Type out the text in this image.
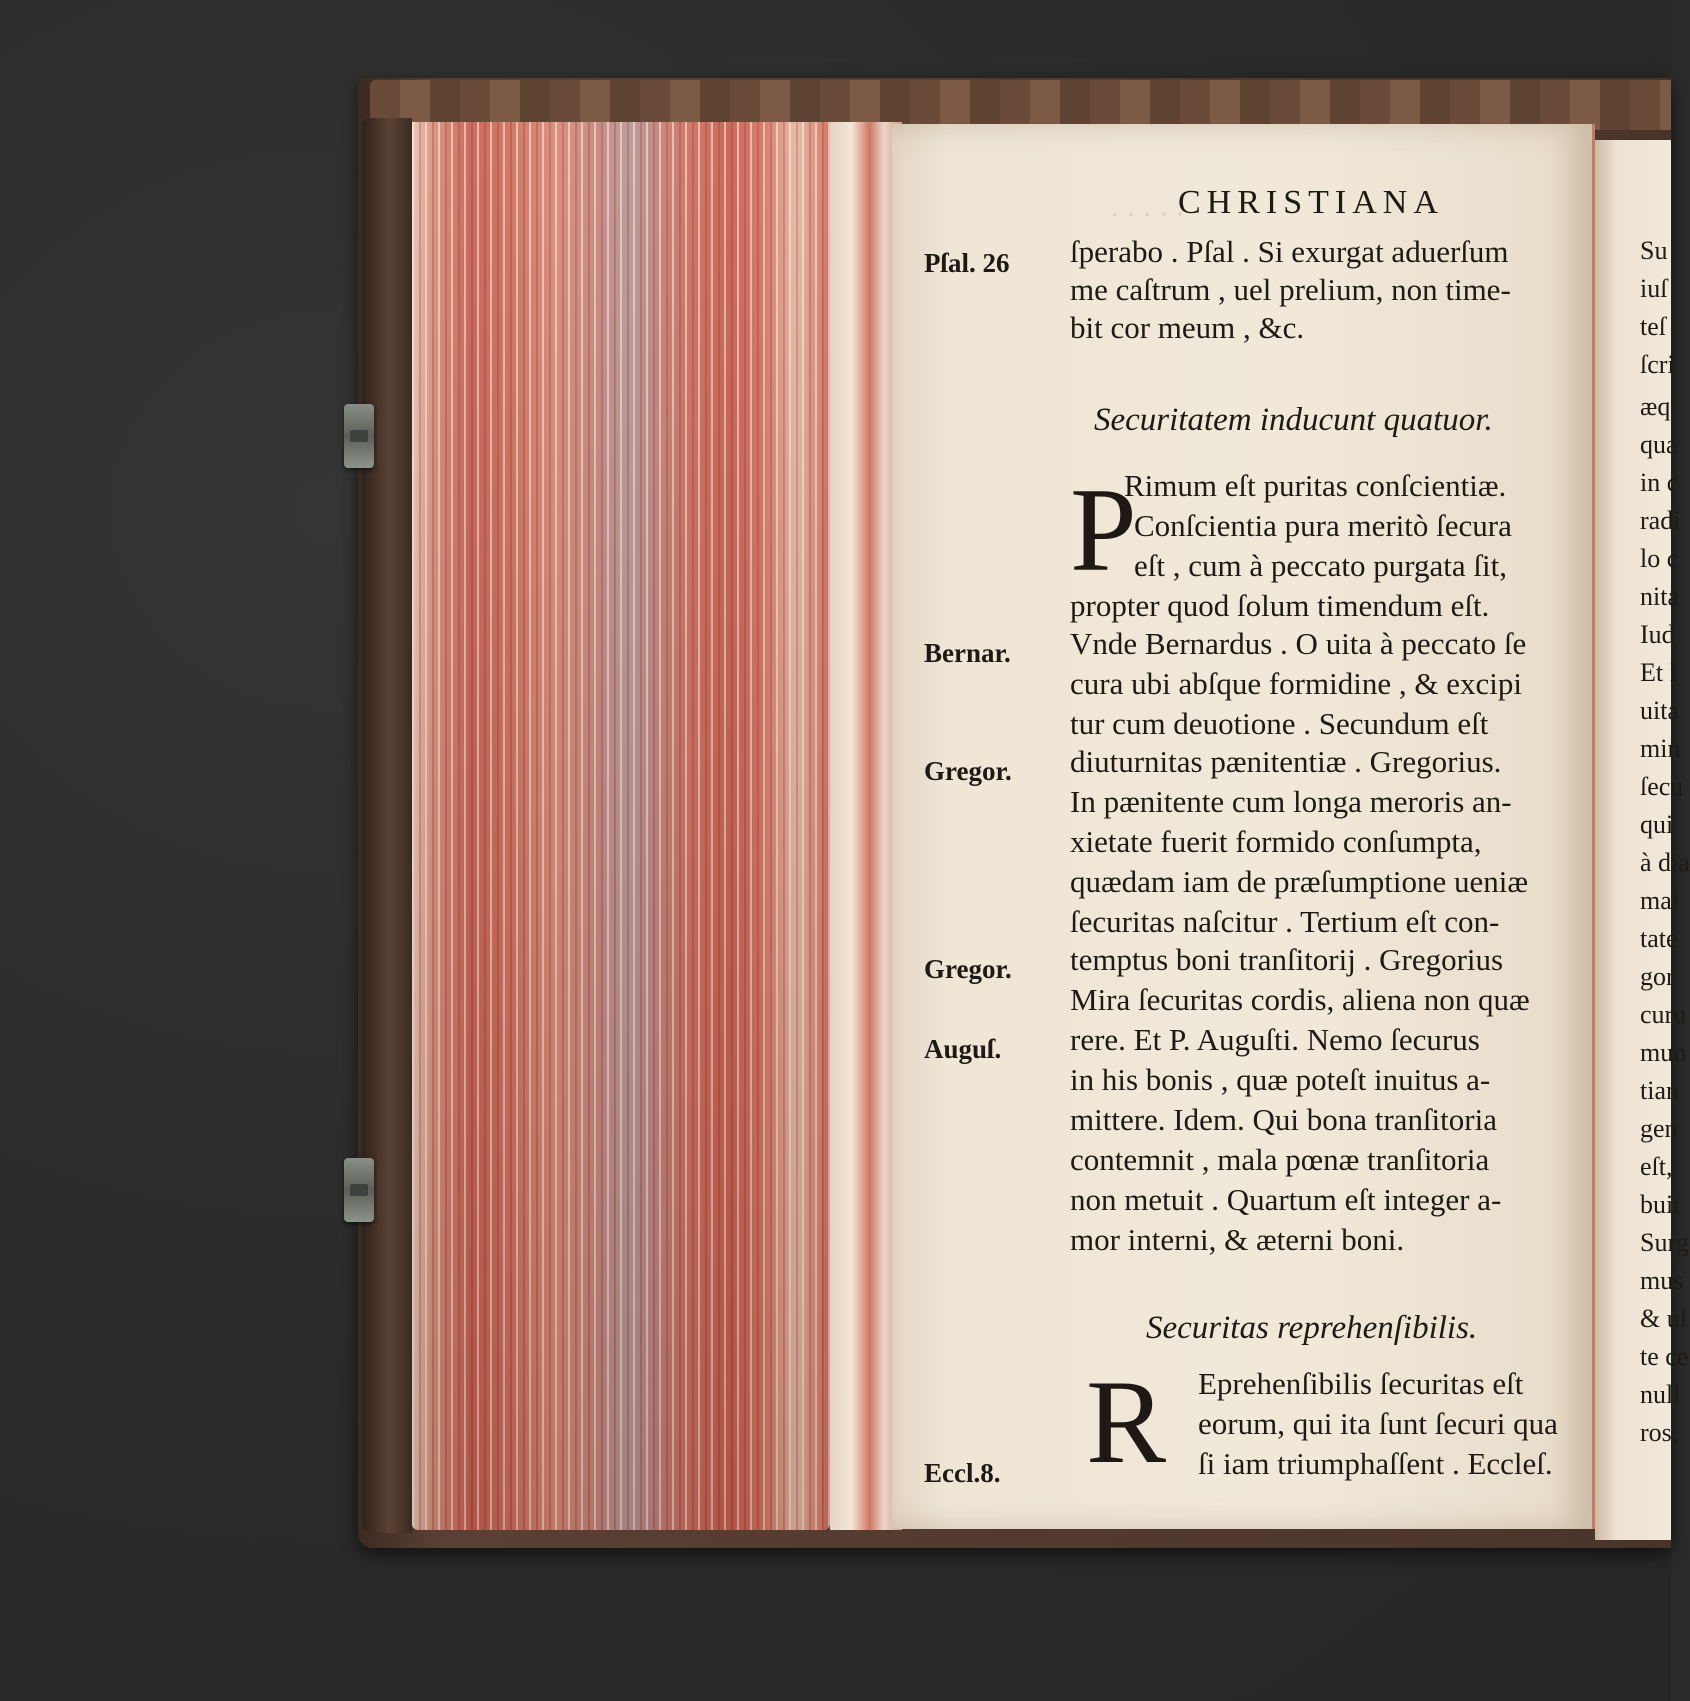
· · · · ·
CHRISTIANA
Pſal. 26 ſperabo . Pſal . Si exurgat aduerſum
me caſtrum , uel prelium, non time-
bit cor meum , &c.
Securitatem inducunt quatuor.
P
Rimum eſt puritas conſcientiæ.
Conſcientia pura meritò ſecura
eſt , cum à peccato purgata ſit,
propter quod ſolum timendum eſt.
Bernar. Vnde Bernardus . O uita à peccato ſe
cura ubi abſque formidine , & excipi
tur cum deuotione . Secundum eſt
Gregor. diuturnitas pænitentiæ . Gregorius.
In pænitente cum longa meroris an-
xietate fuerit formido conſumpta,
quædam iam de præſumptione ueniæ
ſecuritas naſcitur . Tertium eſt con-
Gregor. temptus boni tranſitorij . Gregorius
Mira ſecuritas cordis, aliena non quæ
Auguſ. rere. Et P. Auguſti. Nemo ſecurus
in his bonis , quæ poteſt inuitus a-
mittere. Idem. Qui bona tranſitoria
contemnit , mala pœnæ tranſitoria
non metuit . Quartum eſt integer a-
mor interni, & æterni boni.
Securitas reprehenſibilis.
R Eprehenſibilis ſecuritas eſt
eorum, qui ita ſunt ſecuri qua
Eccl.8.	ſi iam triumphaſſent . Eccleſ.
Su
iuſ
teſ
ſcri
æq
qua
in c
radi
lo c
nita
Iud
Et I
uita
min
ſecu
qui
à dia
mal
tate
gor
curu
mun
tian
gen
eſt,
buit
Surg
mus
& ul
te ce
null
ros,
